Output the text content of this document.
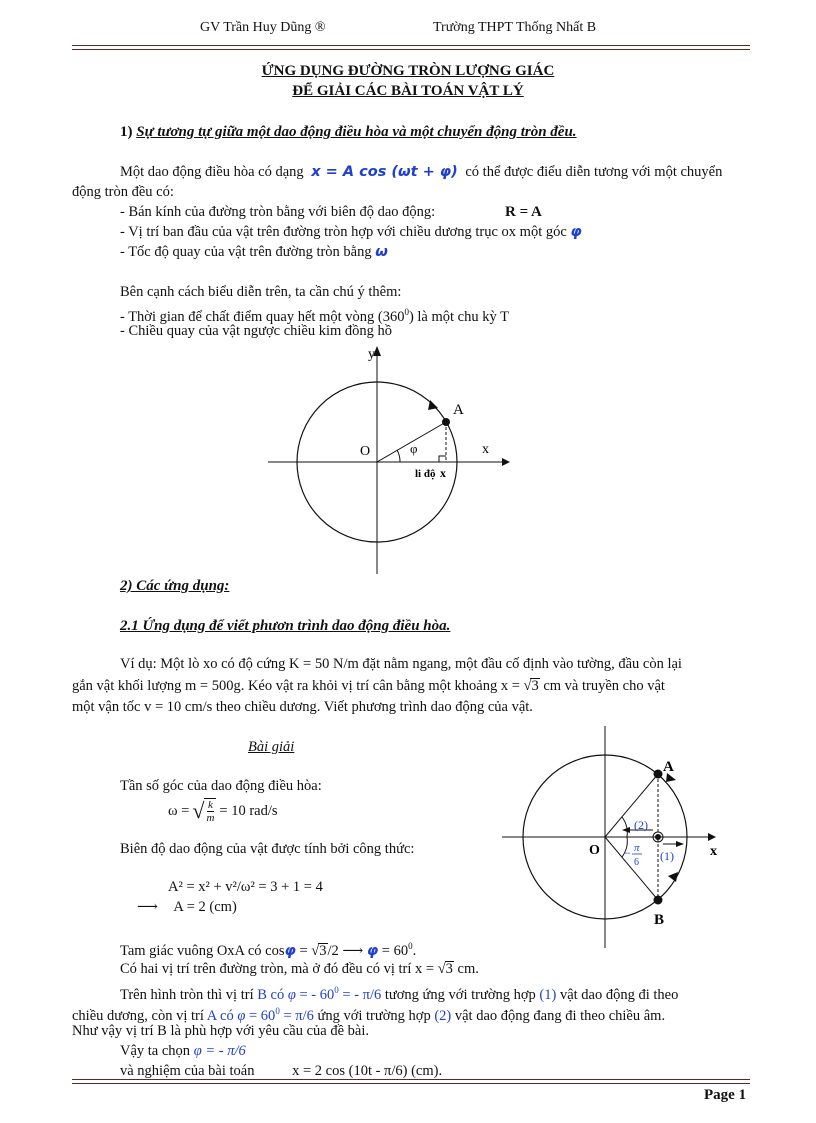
GV Trần Huy Dũng ®	Trường THPT Thống Nhất B
ỨNG DỤNG ĐƯỜNG TRÒN LƯỢNG GIÁC
ĐỂ GIẢI CÁC BÀI TOÁN VẬT LÝ
1) Sự tương tự giữa một dao động điều hòa và một chuyển động tròn đều.
Một dao động điều hòa có dạng x = A cos (ωt + φ) có thể được điểu diễn tương với một chuyển
động tròn đều có:
- Bán kính của đường tròn bằng với biên độ dao động:	R = A
- Vị trí ban đầu của vật trên đường tròn hợp với chiều dương trục ox một góc φ
- Tốc độ quay của vật trên đường tròn bằng ω
Bên cạnh cách biểu diễn trên, ta cần chú ý thêm:
- Thời gian để chất điểm quay hết một vòng $(360^0)$ là một chu kỳ T
- Chiều quay của vật ngược chiều kim đồng hồ
y
x
O
A
φ
li độ x
2) Các ứng dụng:
2.1 Ứng dụng để viết phươn trình dao động điều hòa.
Ví dụ: Một lò xo có độ cứng K = 50 N/m đặt nằm ngang, một đầu cố định vào tường, đầu còn lại
gắn vật khối lượng m = 500g. Kéo vật ra khỏi vị trí cân bằng một khoảng x = √3 cm và truyền cho vật
một vận tốc v = 10 cm/s theo chiều dương. Viết phương trình dao động của vật.
Bài giải
Tần số góc của dao động điều hòa:
ω = √ $\frac{k}{m} = 10$ rad/s
Biên độ dao động của vật được tính bởi công thức:
A² = x² + v²/ω² = 3 + 1 = 4
⟶ A = 2 (cm)
Tam giác vuông OxA có cosφ = √3/2 ⟶ $\varphi = 60^0$.
Có hai vị trí trên đường tròn, mà ở đó đều có vị trí x = √3 cm.
Trên hình tròn thì vị trí B có φ = - $60^0$ = - π/6 tương ứng với trường hợp (1) vật dao động đi theo
chiều dương, còn vị trí A có $\varphi = 60^0 = \pi/6$ ứng với trường hợp (2) vật dao động đang đi theo chiều âm.
Như vậy vị trí B là phù hợp với yêu cầu của đề bài.
Vậy ta chọn φ = - π/6
và nghiệm của bài toán	x = 2 cos (10t - π/6) (cm).
A
B
O	x
(2)
(1)
− π
6
Page 1
